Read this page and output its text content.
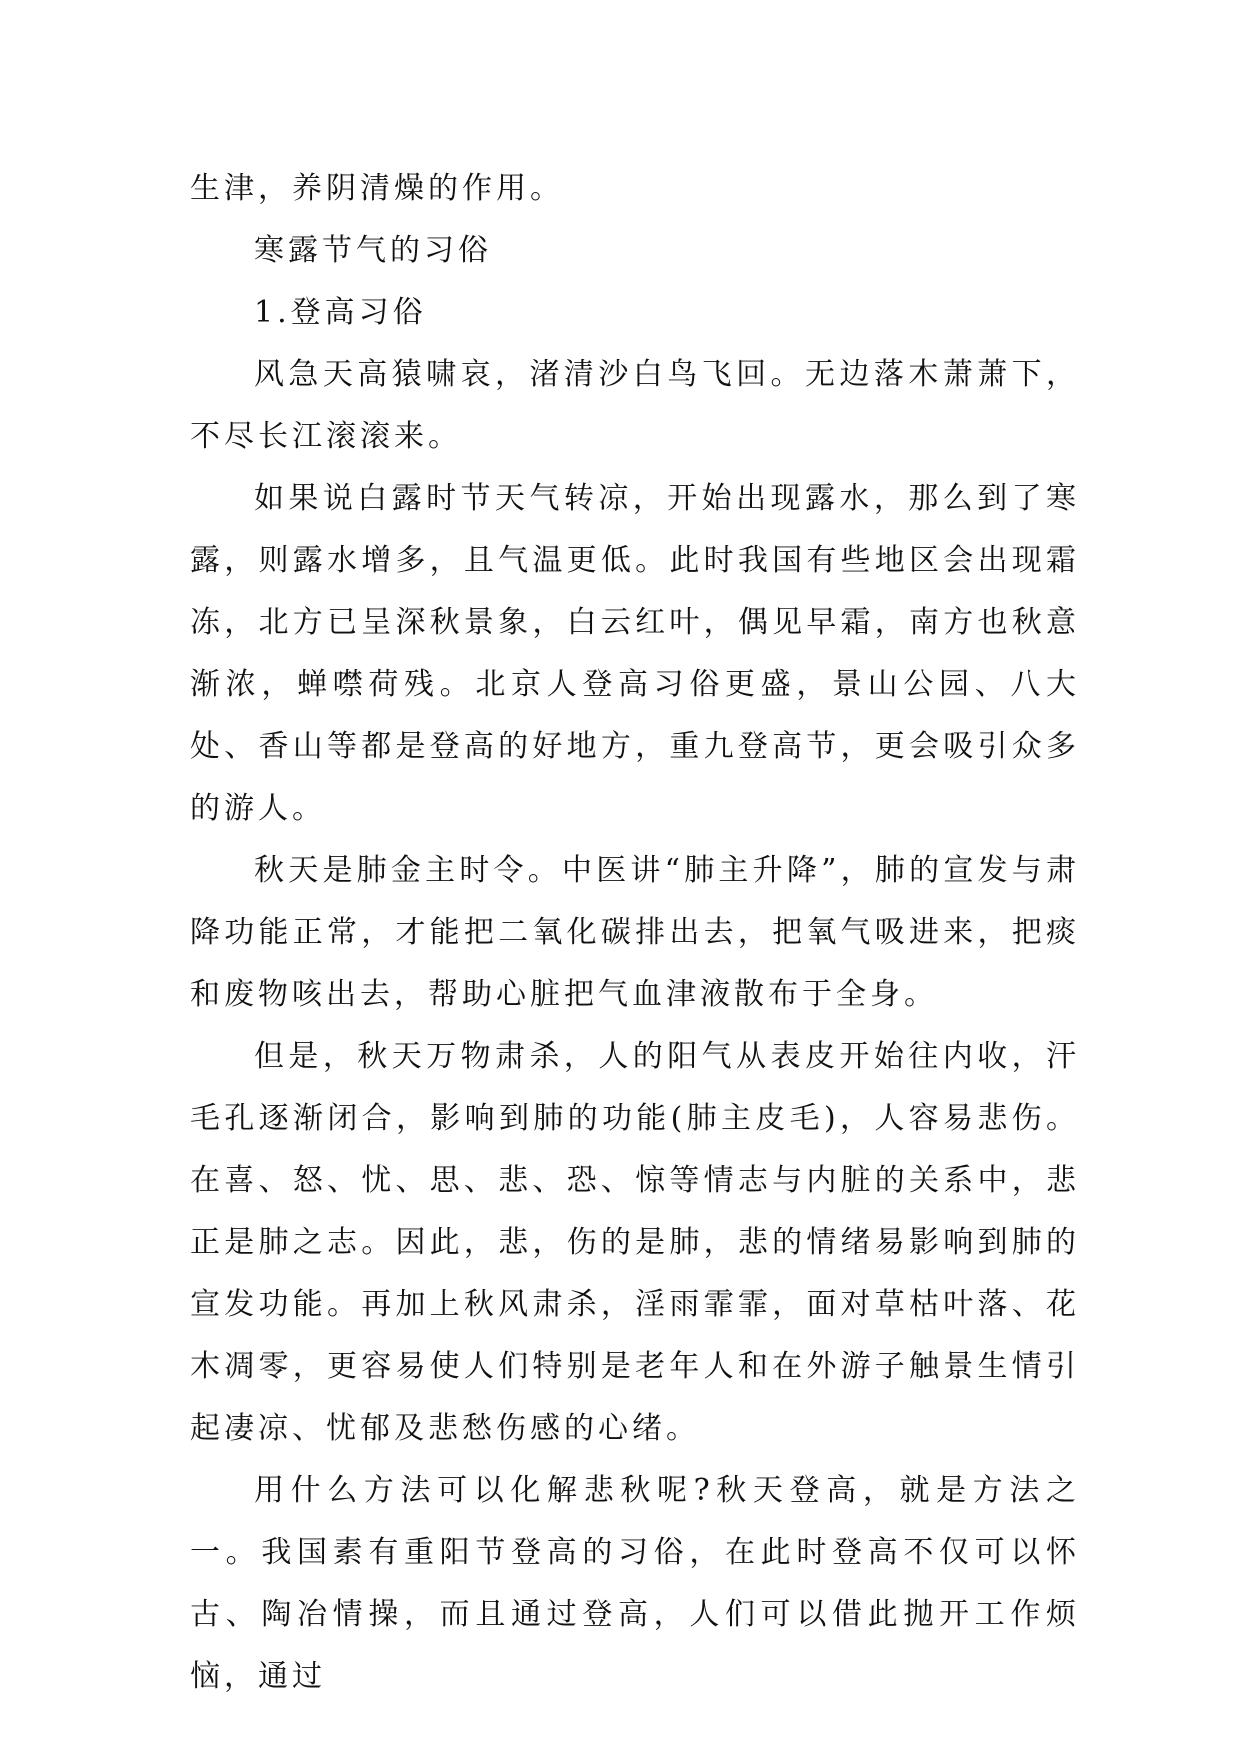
生津，养阴清燥的作用。

寒露节气的习俗

1.登高习俗

风急天高猿啸哀，渚清沙白鸟飞回。无边落木萧萧下，不尽长江滚滚来。

如果说白露时节天气转凉，开始出现露水，那么到了寒露，则露水增多，且气温更低。此时我国有些地区会出现霜冻，北方已呈深秋景象，白云红叶，偶见早霜，南方也秋意渐浓，蝉噤荷残。北京人登高习俗更盛，景山公园、八大处、香山等都是登高的好地方，重九登高节，更会吸引众多的游人。

秋天是肺金主时令。中医讲“肺主升降”，肺的宣发与肃降功能正常，才能把二氧化碳排出去，把氧气吸进来，把痰和废物咳出去，帮助心脏把气血津液散布于全身。

但是，秋天万物肃杀，人的阳气从表皮开始往内收，汗毛孔逐渐闭合，影响到肺的功能(肺主皮毛)，人容易悲伤。在喜、怒、忧、思、悲、恐、惊等情志与内脏的关系中，悲正是肺之志。因此，悲，伤的是肺，悲的情绪易影响到肺的宣发功能。再加上秋风肃杀，淫雨霏霏，面对草枯叶落、花木凋零，更容易使人们特别是老年人和在外游子触景生情引起凄凉、忧郁及悲愁伤感的心绪。

用什么方法可以化解悲秋呢?秋天登高，就是方法之一。我国素有重阳节登高的习俗，在此时登高不仅可以怀古、陶冶情操，而且通过登高，人们可以借此抛开工作烦恼，通过
